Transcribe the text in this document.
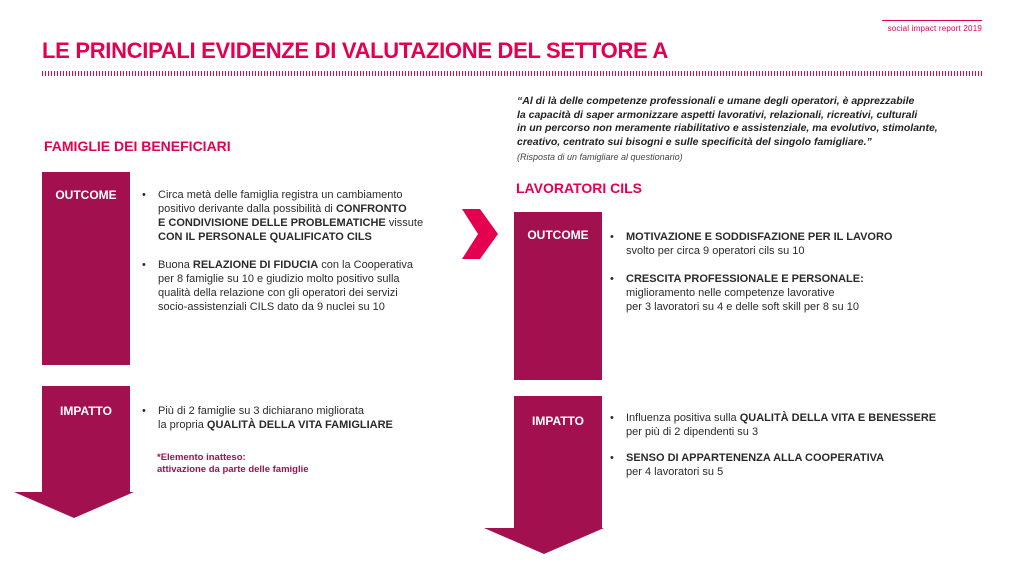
social impact report 2019
LE PRINCIPALI EVIDENZE DI VALUTAZIONE DEL SETTORE A
“Al di là delle competenze professionali e umane degli operatori, è apprezzabile
la capacità di saper armonizzare aspetti lavorativi, relazionali, ricreativi, culturali
in un percorso non meramente riabilitativo e assistenziale, ma evolutivo, stimolante,
creativo, centrato sui bisogni e sulle specificità del singolo famigliare.”
(Risposta di un famigliare al questionario)
FAMIGLIE DEI BENEFICIARI
OUTCOME	• Circa metà delle famiglia registra un cambiamento
positivo derivante dalla possibilità di CONFRONTO
E CONDIVISIONE DELLE PROBLEMATICHE vissute
CON IL PERSONALE QUALIFICATO CILS
• Buona RELAZIONE DI FIDUCIA con la Cooperativa
per 8 famiglie su 10 e giudizio molto positivo sulla
qualità della relazione con gli operatori dei servizi
socio-assistenziali CILS dato da 9 nuclei su 10
IMPATTO	• Più di 2 famiglie su 3 dichiarano migliorata
la propria QUALITÀ DELLA VITA FAMIGLIARE
*Elemento inatteso:
attivazione da parte delle famiglie
LAVORATORI CILS
OUTCOME	• MOTIVAZIONE E SODDISFAZIONE PER IL LAVORO
svolto per circa 9 operatori cils su 10
• CRESCITA PROFESSIONALE E PERSONALE:
miglioramento nelle competenze lavorative
per 3 lavoratori su 4 e delle soft skill per 8 su 10
IMPATTO	• Influenza positiva sulla QUALITÀ DELLA VITA E BENESSERE
per più di 2 dipendenti su 3
• SENSO DI APPARTENENZA ALLA COOPERATIVA
per 4 lavoratori su 5
